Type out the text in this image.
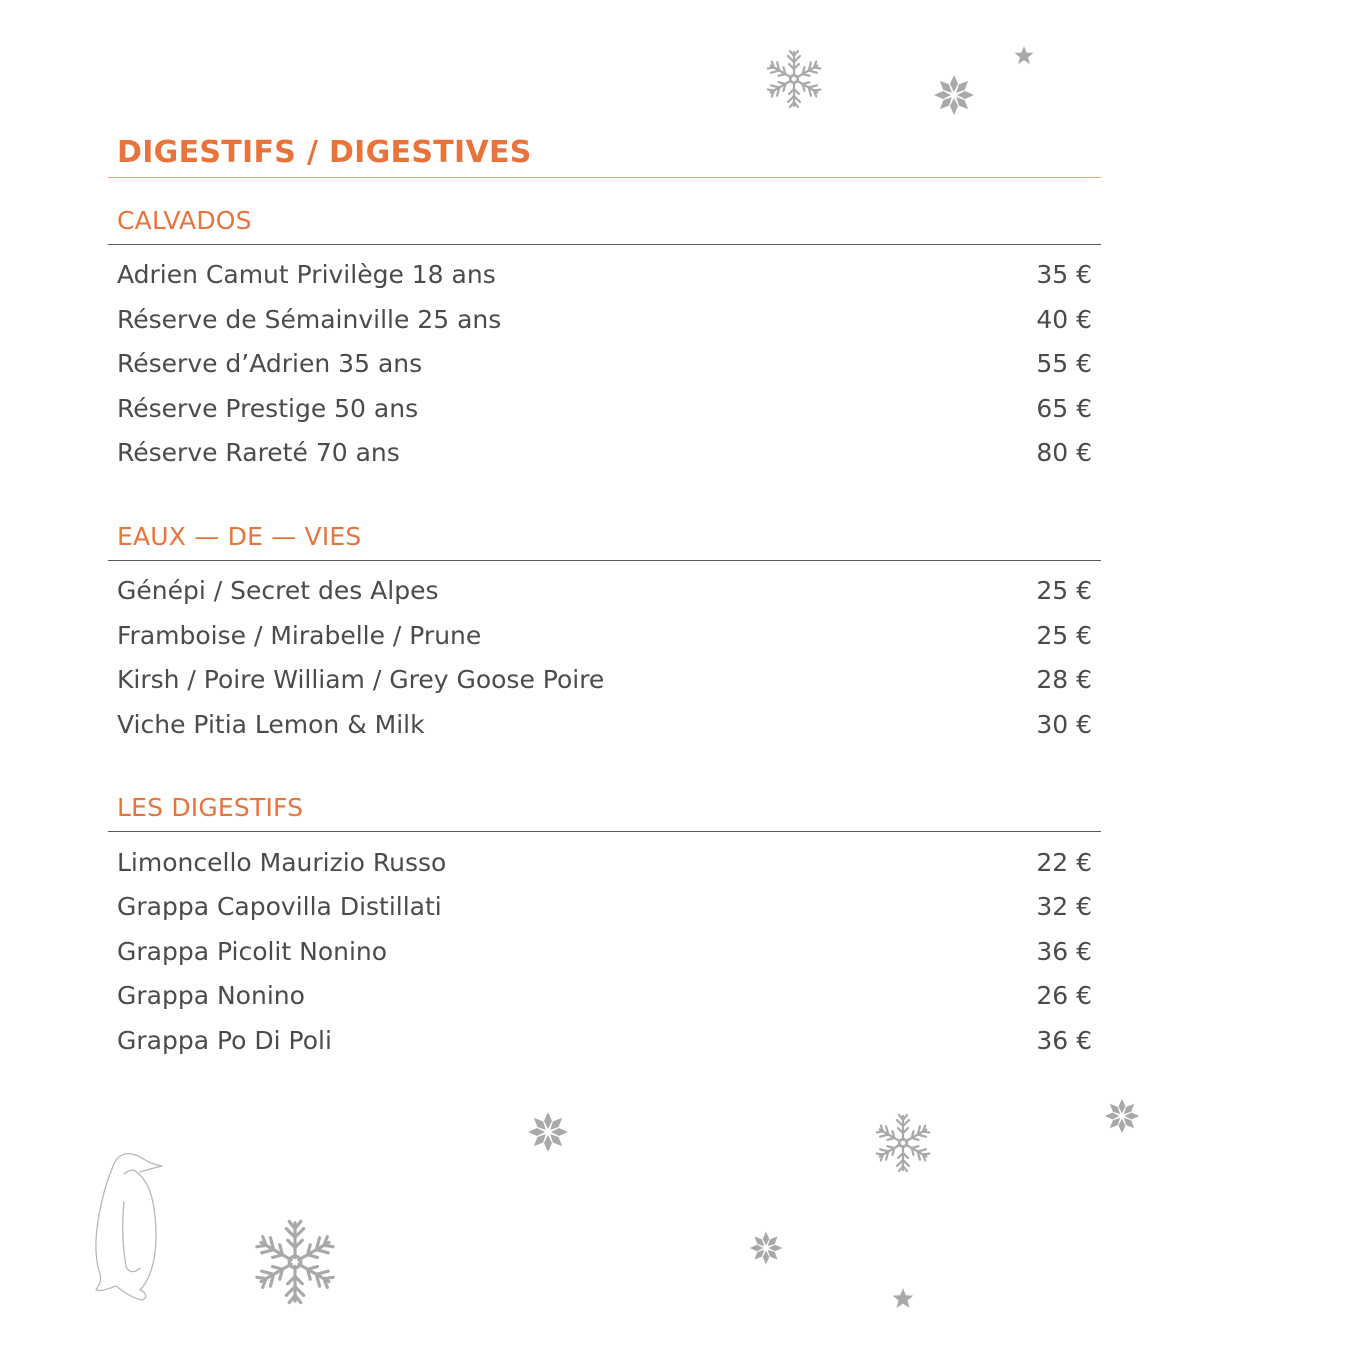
DIGESTIFS / DIGESTIVES
CALVADOS
Adrien Camut Privilège 18 ans	35 €
Réserve de Sémainville 25 ans	40 €
Réserve d’Adrien 35 ans	55 €
Réserve Prestige 50 ans	65 €
Réserve Rareté 70 ans	80 €
EAUX — DE — VIES
Génépi / Secret des Alpes	25 €
Framboise / Mirabelle / Prune	25 €
Kirsh / Poire William / Grey Goose Poire	28 €
Viche Pitia Lemon & Milk	30 €
LES DIGESTIFS
Limoncello Maurizio Russo	22 €
Grappa Capovilla Distillati	32 €
Grappa Picolit Nonino	36 €
Grappa Nonino	26 €
Grappa Po Di Poli	36 €
